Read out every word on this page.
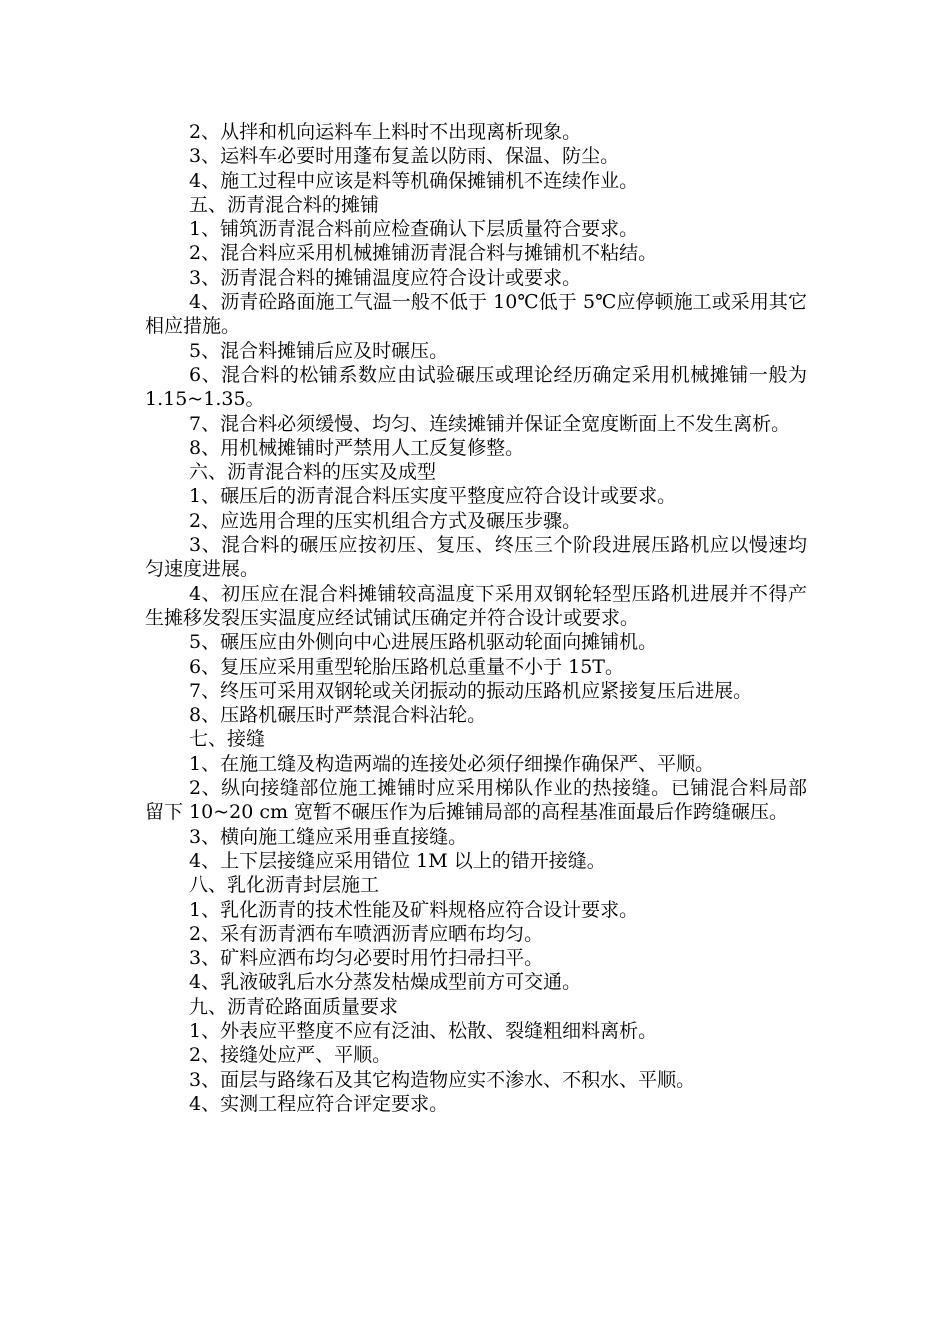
2、从拌和机向运料车上料时不出现离析现象。

3、运料车必要时用蓬布复盖以防雨、保温、防尘。

4、施工过程中应该是料等机确保摊铺机不连续作业。

五、沥青混合料的摊铺

1、铺筑沥青混合料前应检查确认下层质量符合要求。

2、混合料应采用机械摊铺沥青混合料与摊铺机不粘结。

3、沥青混合料的摊铺温度应符合设计或要求。

4、沥青砼路面施工气温一般不低于 10℃低于 5℃应停顿施工或采用其它相应措施。

5、混合料摊铺后应及时碾压。

6、混合料的松铺系数应由试验碾压或理论经历确定采用机械摊铺一般为 1.15~1.35。

7、混合料必须缓慢、均匀、连续摊铺并保证全宽度断面上不发生离析。

8、用机械摊铺时严禁用人工反复修整。

六、沥青混合料的压实及成型

1、碾压后的沥青混合料压实度平整度应符合设计或要求。

2、应选用合理的压实机组合方式及碾压步骤。

3、混合料的碾压应按初压、复压、终压三个阶段进展压路机应以慢速均匀速度进展。

4、初压应在混合料摊铺较高温度下采用双钢轮轻型压路机进展并不得产生摊移发裂压实温度应经试铺试压确定并符合设计或要求。

5、碾压应由外侧向中心进展压路机驱动轮面向摊铺机。

6、复压应采用重型轮胎压路机总重量不小于 15T。

7、终压可采用双钢轮或关闭振动的振动压路机应紧接复压后进展。

8、压路机碾压时严禁混合料沾轮。

七、接缝

1、在施工缝及构造两端的连接处必须仔细操作确保严、平顺。

2、纵向接缝部位施工摊铺时应采用梯队作业的热接缝。已铺混合料局部留下 10~20 cm 宽暂不碾压作为后摊铺局部的高程基准面最后作跨缝碾压。

3、横向施工缝应采用垂直接缝。

4、上下层接缝应采用错位 1M 以上的错开接缝。

八、乳化沥青封层施工

1、乳化沥青的技术性能及矿料规格应符合设计要求。

2、采有沥青洒布车喷洒沥青应晒布均匀。

3、矿料应洒布均匀必要时用竹扫帚扫平。

4、乳液破乳后水分蒸发枯燥成型前方可交通。

九、沥青砼路面质量要求

1、外表应平整度不应有泛油、松散、裂缝粗细料离析。

2、接缝处应严、平顺。

3、面层与路缘石及其它构造物应实不渗水、不积水、平顺。

4、实测工程应符合评定要求。
